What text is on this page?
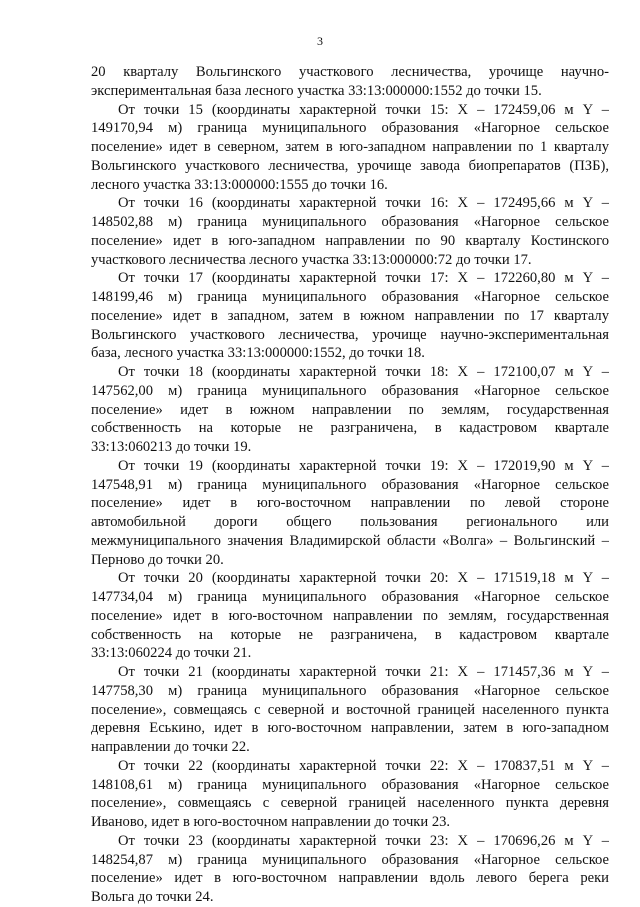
3
20 кварталу Вольгинского участкового лесничества, урочище научно-
экспериментальная база лесного участка 33:13:000000:1552 до точки 15.
От точки 15 (координаты характерной точки 15: X – 172459,06 м Y –
149170,94 м) граница муниципального образования «Нагорное сельское
поселение» идет в северном, затем в юго-западном направлении по 1 кварталу
Вольгинского участкового лесничества, урочище завода биопрепаратов (ПЗБ),
лесного участка 33:13:000000:1555 до точки 16.
От точки 16 (координаты характерной точки 16: X – 172495,66 м Y –
148502,88 м) граница муниципального образования «Нагорное сельское
поселение» идет в юго-западном направлении по 90 кварталу Костинского
участкового лесничества лесного участка 33:13:000000:72 до точки 17.
От точки 17 (координаты характерной точки 17: X – 172260,80 м Y –
148199,46 м) граница муниципального образования «Нагорное сельское
поселение» идет в западном, затем в южном направлении по 17 кварталу
Вольгинского участкового лесничества, урочище научно-экспериментальная
база, лесного участка 33:13:000000:1552, до точки 18.
От точки 18 (координаты характерной точки 18: X – 172100,07 м Y –
147562,00 м) граница муниципального образования «Нагорное сельское
поселение» идет в южном направлении по землям, государственная
собственность на которые не разграничена, в кадастровом квартале
33:13:060213 до точки 19.
От точки 19 (координаты характерной точки 19: X – 172019,90 м Y –
147548,91 м) граница муниципального образования «Нагорное сельское
поселение» идет в юго-восточном направлении по левой стороне
автомобильной дороги общего пользования регионального или
межмуниципального значения Владимирской области «Волга» – Вольгинский –
Перново до точки 20.
От точки 20 (координаты характерной точки 20: X – 171519,18 м Y –
147734,04 м) граница муниципального образования «Нагорное сельское
поселение» идет в юго-восточном направлении по землям, государственная
собственность на которые не разграничена, в кадастровом квартале
33:13:060224 до точки 21.
От точки 21 (координаты характерной точки 21: X – 171457,36 м Y –
147758,30 м) граница муниципального образования «Нагорное сельское
поселение», совмещаясь с северной и восточной границей населенного пункта
деревня Еськино, идет в юго-восточном направлении, затем в юго-западном
направлении до точки 22.
От точки 22 (координаты характерной точки 22: X – 170837,51 м Y –
148108,61 м) граница муниципального образования «Нагорное сельское
поселение», совмещаясь с северной границей населенного пункта деревня
Иваново, идет в юго-восточном направлении до точки 23.
От точки 23 (координаты характерной точки 23: X – 170696,26 м Y –
148254,87 м) граница муниципального образования «Нагорное сельское
поселение» идет в юго-восточном направлении вдоль левого берега реки
Вольга до точки 24.
